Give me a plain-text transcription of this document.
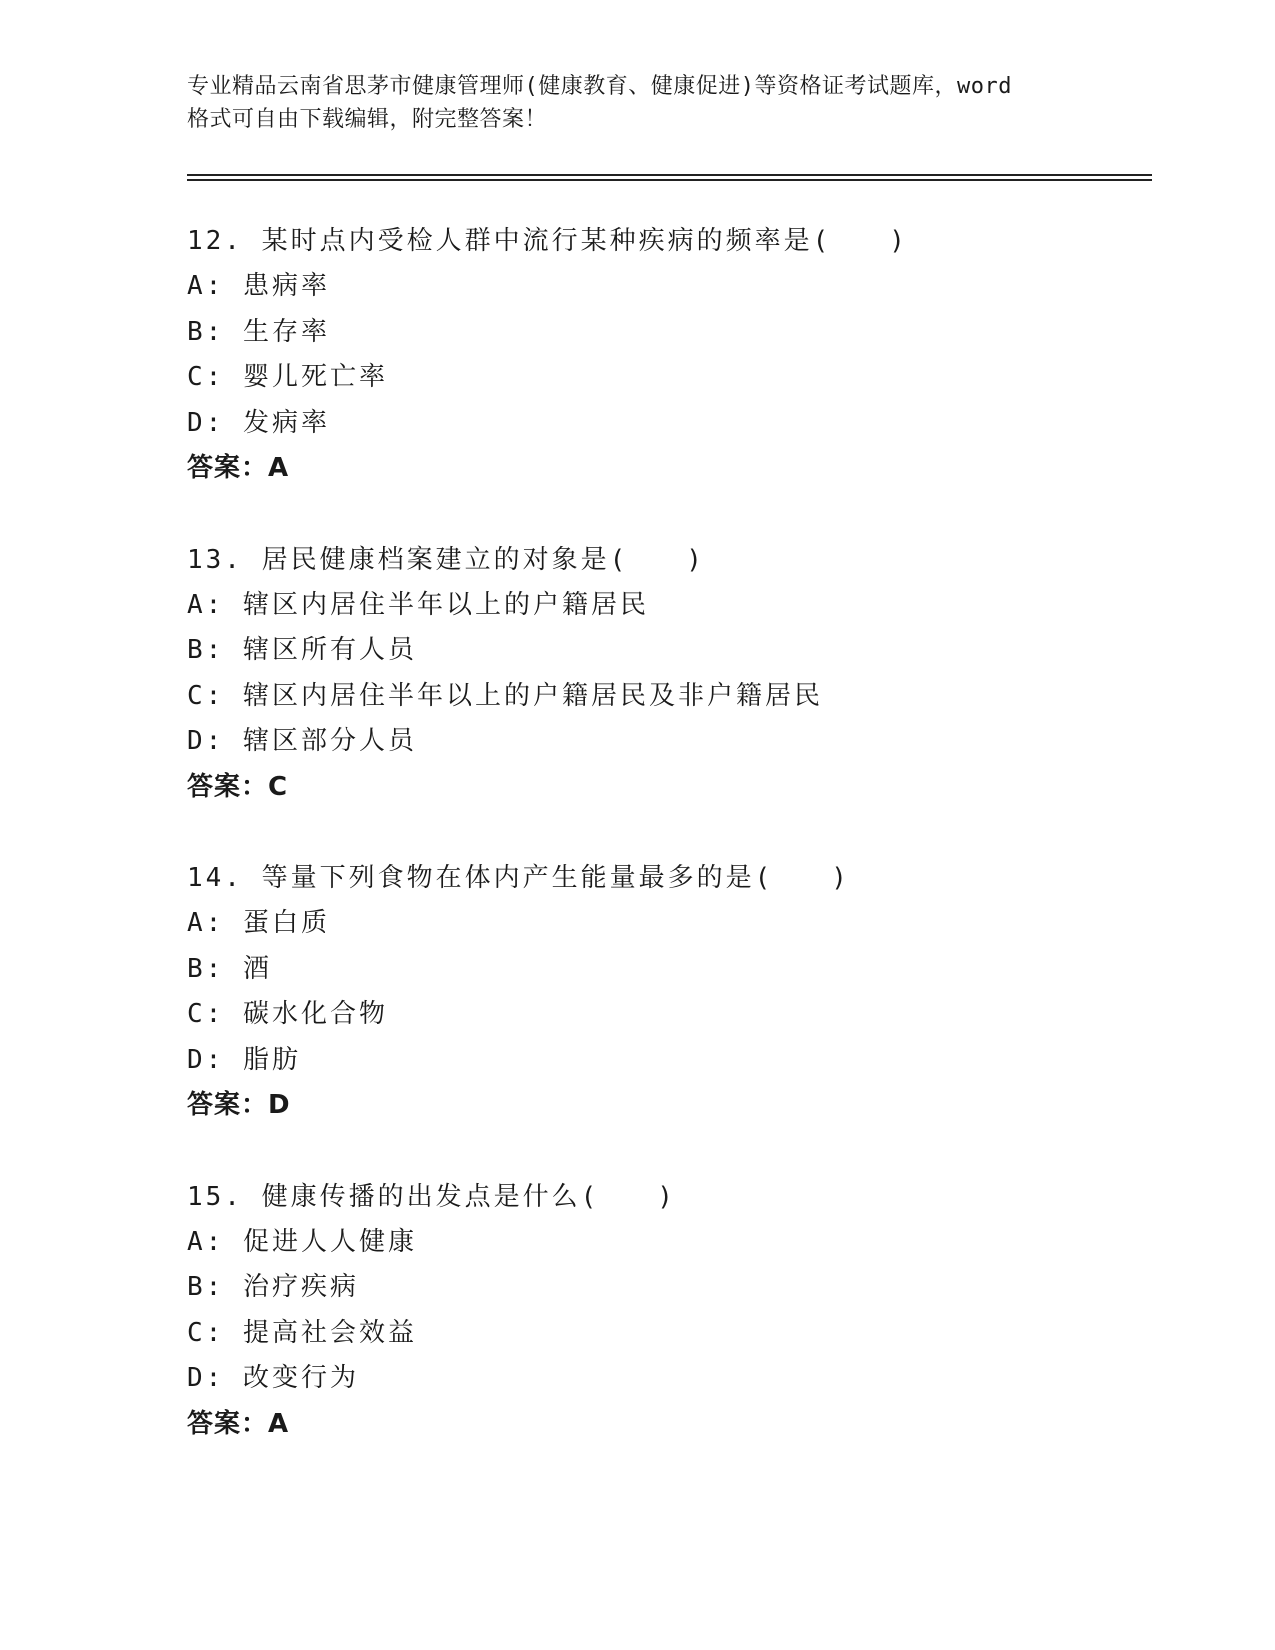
专业精品云南省思茅市健康管理师(健康教育、健康促进)等资格证考试题库，word
格式可自由下载编辑，附完整答案！
12. 某时点内受检人群中流行某种疾病的频率是(　　)
A: 患病率
B: 生存率
C: 婴儿死亡率
D: 发病率
答案：A
13. 居民健康档案建立的对象是(　　)
A: 辖区内居住半年以上的户籍居民
B: 辖区所有人员
C: 辖区内居住半年以上的户籍居民及非户籍居民
D: 辖区部分人员
答案：C
14. 等量下列食物在体内产生能量最多的是(　　)
A: 蛋白质
B: 酒
C: 碳水化合物
D: 脂肪
答案：D
15. 健康传播的出发点是什么(　　)
A: 促进人人健康
B: 治疗疾病
C: 提高社会效益
D: 改变行为
答案：A
